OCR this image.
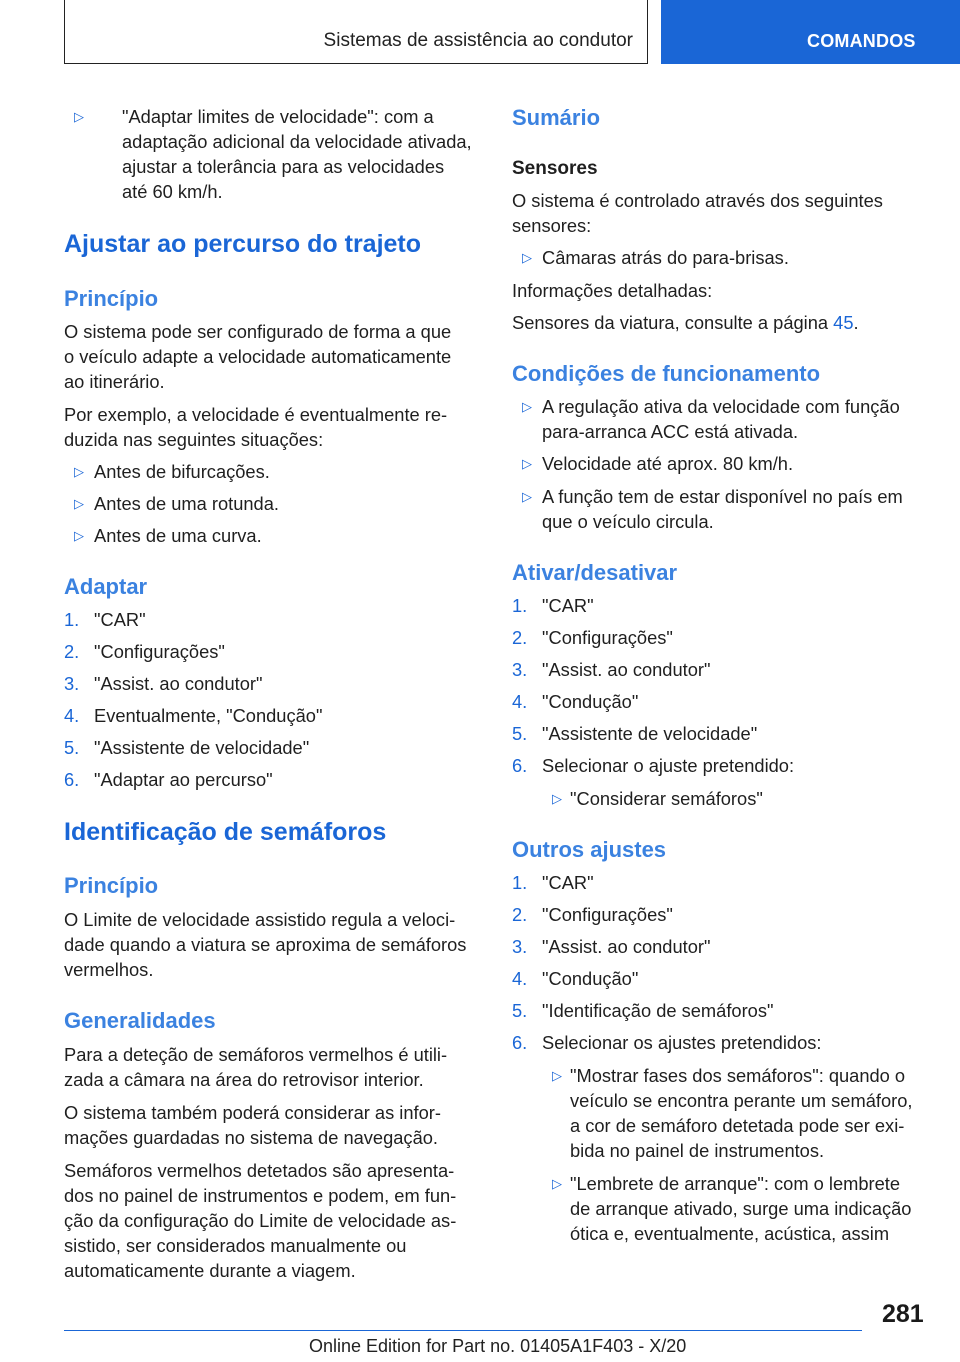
Sistemas de assistência ao condutor	COMANDOS
▷ "Adaptar limites de velocidade": com a
adaptação adicional da velocidade ativada,
ajustar a tolerância para as velocidades
até 60 km/h.
Ajustar ao percurso do trajeto
Princípio
O sistema pode ser configurado de forma a que
o veículo adapte a velocidade automaticamente
ao itinerário.
Por exemplo, a velocidade é eventualmente re‐
duzida nas seguintes situações:
▷ Antes de bifurcações.
▷ Antes de uma rotunda.
▷ Antes de uma curva.
Adaptar
1. "CAR"
2. "Configurações"
3. "Assist. ao condutor"
4. Eventualmente, "Condução"
5. "Assistente de velocidade"
6. "Adaptar ao percurso"
Identificação de semáforos
Princípio
O Limite de velocidade assistido regula a veloci‐
dade quando a viatura se aproxima de semáforos
vermelhos.
Generalidades
Para a deteção de semáforos vermelhos é utili‐
zada a câmara na área do retrovisor interior.
O sistema também poderá considerar as infor‐
mações guardadas no sistema de navegação.
Semáforos vermelhos detetados são apresenta‐
dos no painel de instrumentos e podem, em fun‐
ção da configuração do Limite de velocidade as‐
sistido, ser considerados manualmente ou
automaticamente durante a viagem.
Sumário
Sensores
O sistema é controlado através dos seguintes
sensores:
▷ Câmaras atrás do para-brisas.
Informações detalhadas:
Sensores da viatura, consulte a página 45.
Condições de funcionamento
▷ A regulação ativa da velocidade com função
para-arranca ACC está ativada.
▷ Velocidade até aprox. 80 km/h.
▷ A função tem de estar disponível no país em
que o veículo circula.
Ativar/desativar
1. "CAR"
2. "Configurações"
3. "Assist. ao condutor"
4. "Condução"
5. "Assistente de velocidade"
6. Selecionar o ajuste pretendido:
▷ "Considerar semáforos"
Outros ajustes
1. "CAR"
2. "Configurações"
3. "Assist. ao condutor"
4. "Condução"
5. "Identificação de semáforos"
6. Selecionar os ajustes pretendidos:
▷ "Mostrar fases dos semáforos": quando o
veículo se encontra perante um semáforo,
a cor de semáforo detetada pode ser exi‐
bida no painel de instrumentos.
▷ "Lembrete de arranque": com o lembrete
de arranque ativado, surge uma indicação
ótica e, eventualmente, acústica, assim
281
Online Edition for Part no. 01405A1F403 - X/20
